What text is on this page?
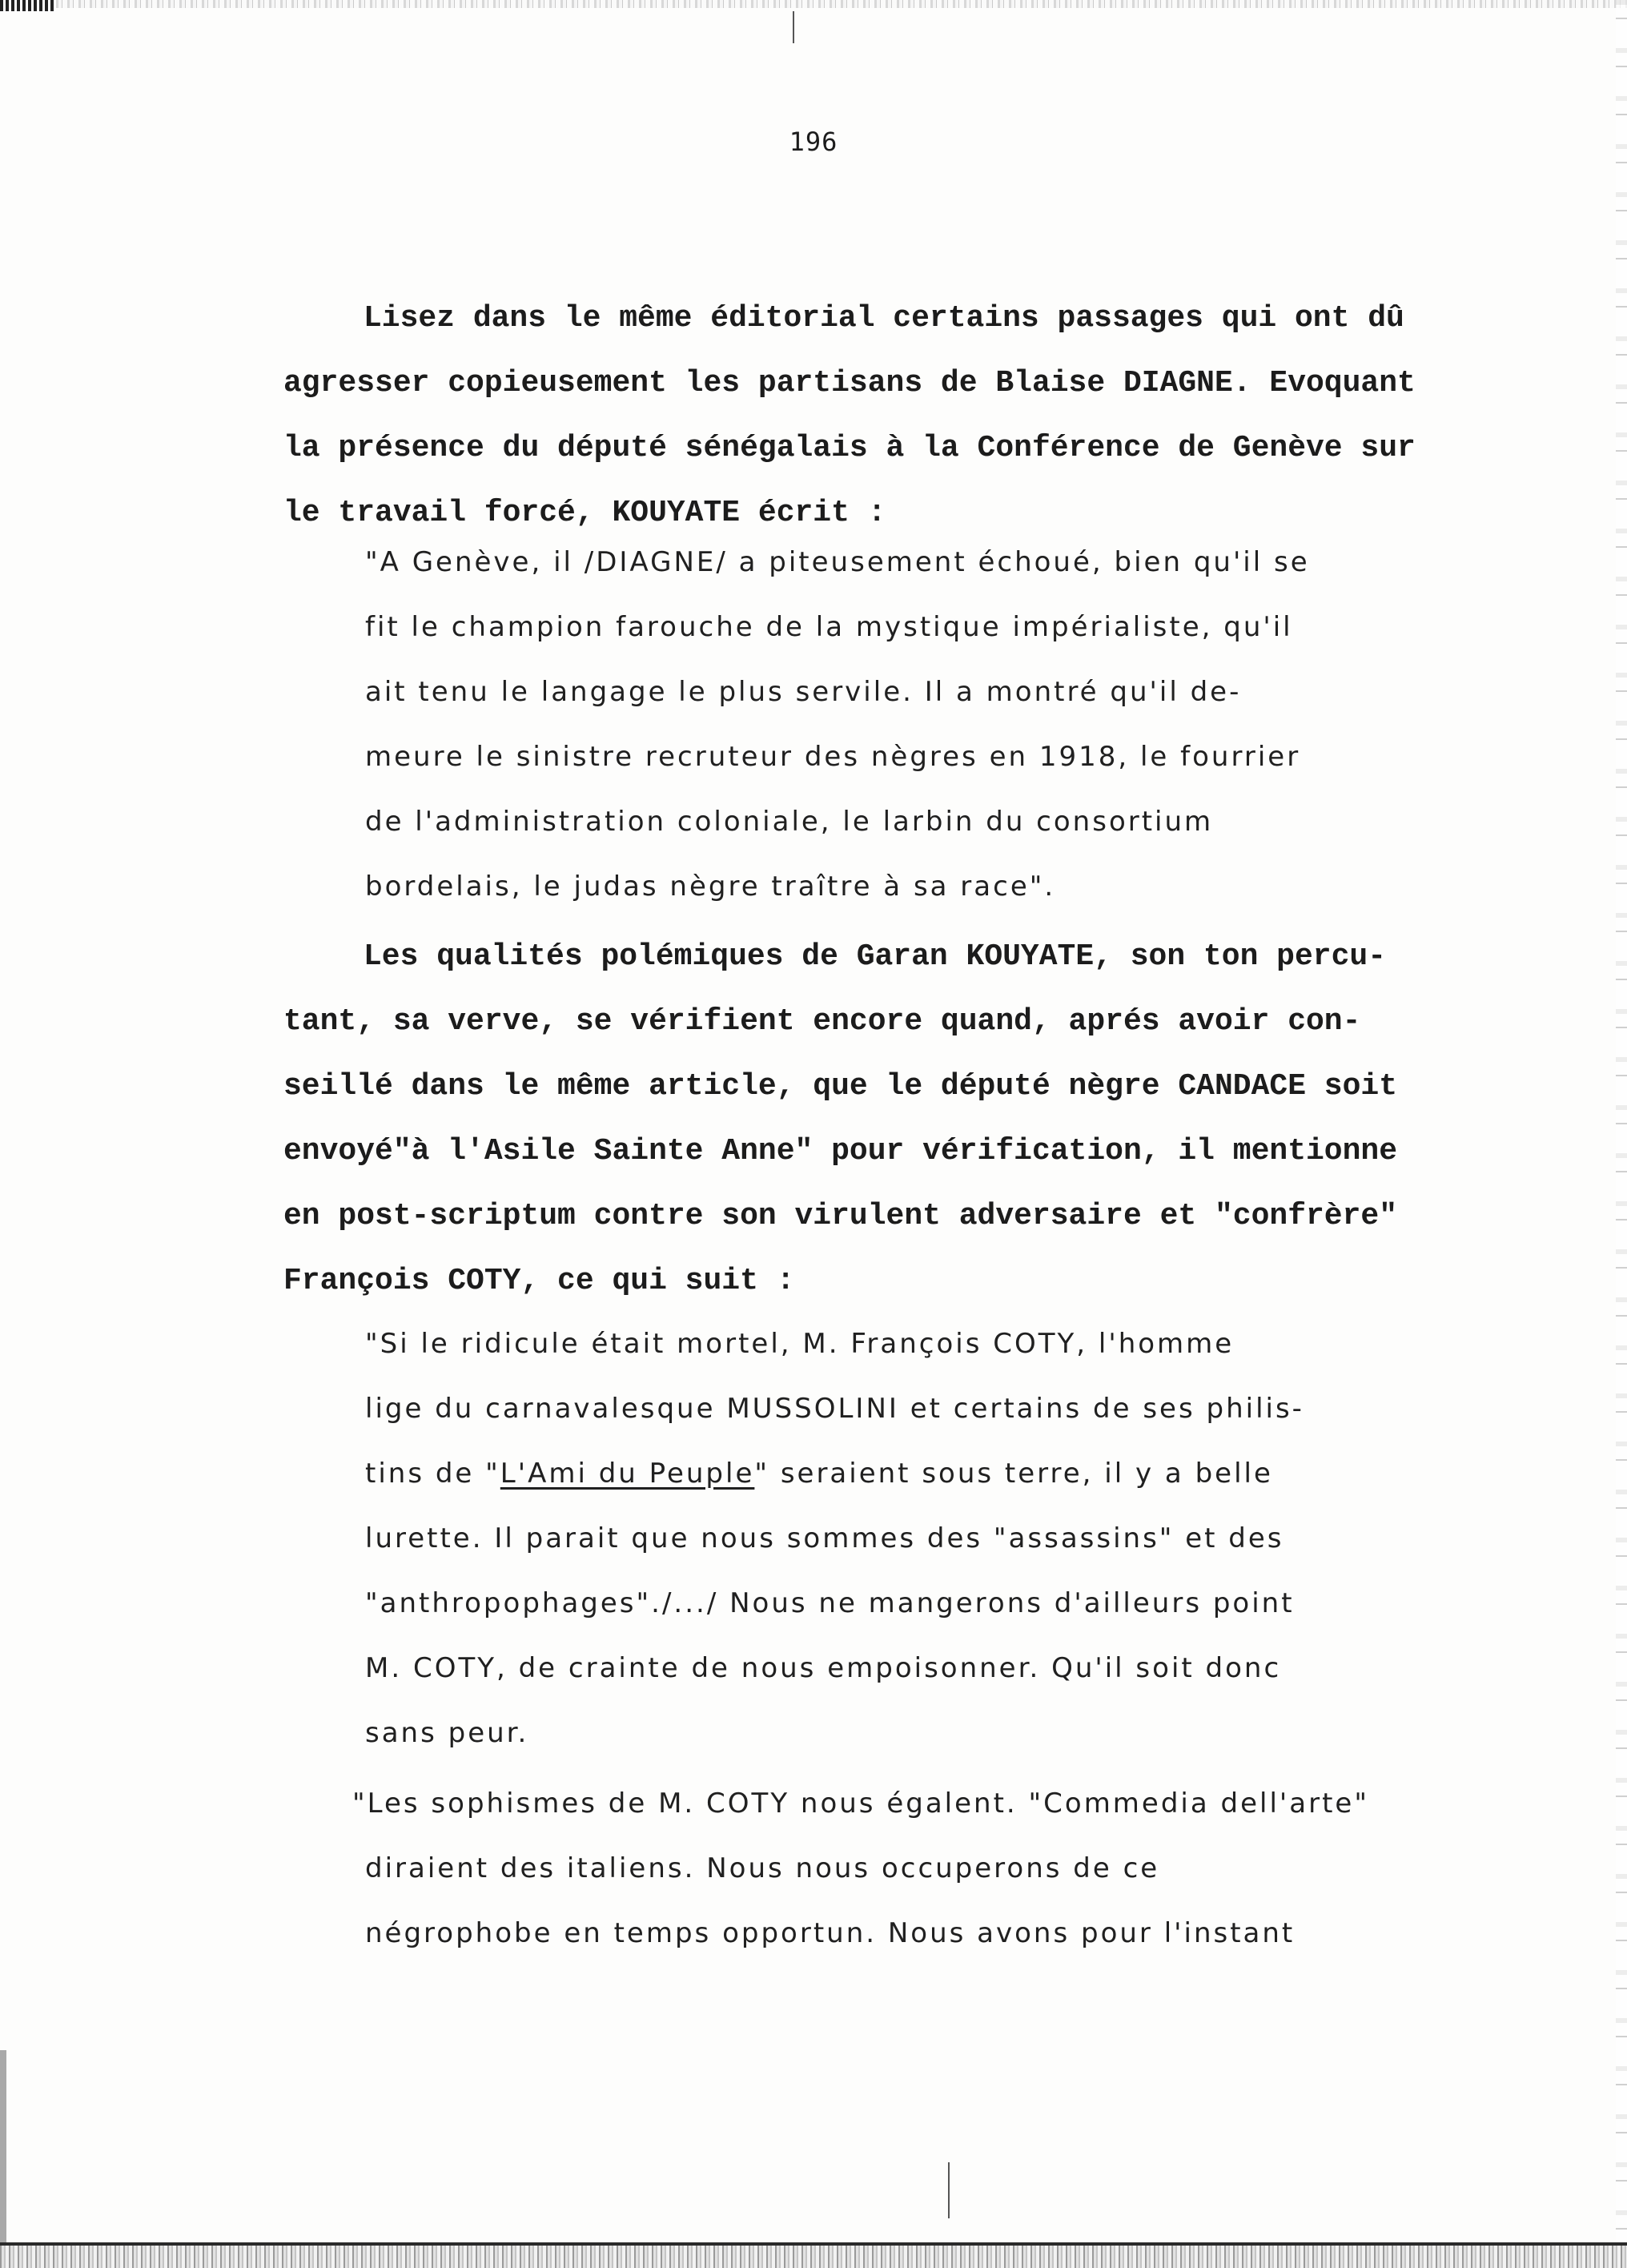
196

Lisez dans le même éditorial certains passages qui ont dû
agresser copieusement les partisans de Blaise DIAGNE. Evoquant
la présence du député sénégalais à la Conférence de Genève sur
le travail forcé, KOUYATE écrit :

"A Genève, il /DIAGNE/ a piteusement échoué, bien qu'il se
fit le champion farouche de la mystique impérialiste, qu'il
ait tenu le langage le plus servile. Il a montré qu'il de-
meure le sinistre recruteur des nègres en 1918, le fourrier
de l'administration coloniale, le larbin du consortium
bordelais, le judas nègre traître à sa race".

Les qualités polémiques de Garan KOUYATE, son ton percu-
tant, sa verve, se vérifient encore quand, aprés avoir con-
seillé dans le même article, que le député nègre CANDACE soit
envoyé"à l'Asile Sainte Anne" pour vérification, il mentionne
en post-scriptum contre son virulent adversaire et "confrère"
François COTY, ce qui suit :

"Si le ridicule était mortel, M. François COTY, l'homme
lige du carnavalesque MUSSOLINI et certains de ses philis-
tins de "L'Ami du Peuple" seraient sous terre, il y a belle
lurette. Il parait que nous sommes des "assassins" et des
"anthropophages"./.../ Nous ne mangerons d'ailleurs point
M. COTY, de crainte de nous empoisonner. Qu'il soit donc
sans peur.

"Les sophismes de M. COTY nous égalent. "Commedia dell'arte"
diraient des italiens. Nous nous occuperons de ce
négrophobe en temps opportun. Nous avons pour l'instant
